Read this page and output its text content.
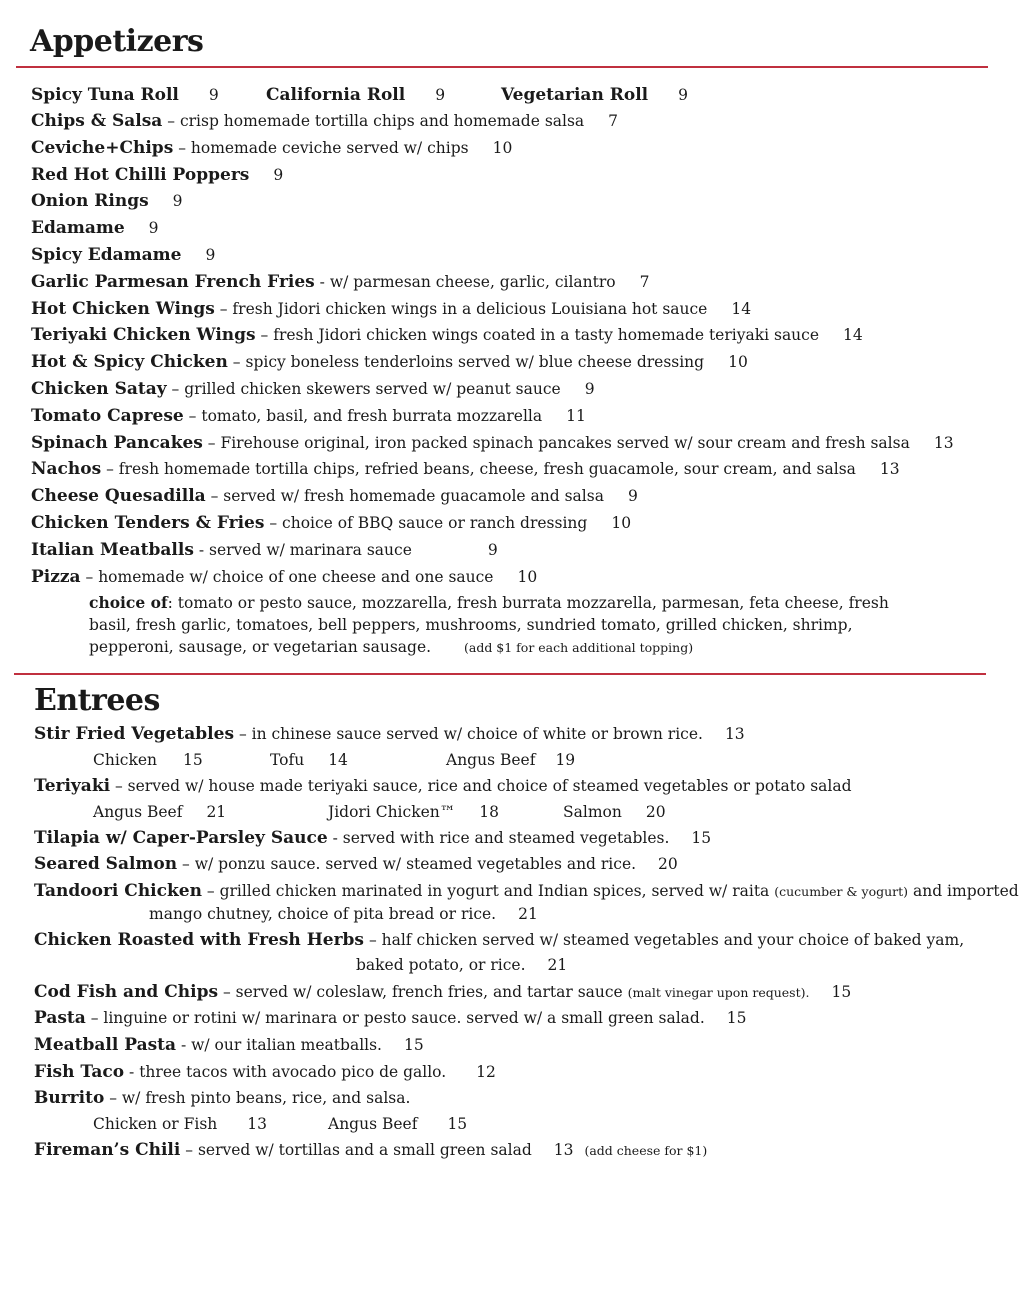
Appetizers
Spicy Tuna Roll 9	California Roll 9	Vegetarian Roll 9
Chips & Salsa – crisp homemade tortilla chips and homemade salsa 7
Ceviche+Chips – homemade ceviche served w/ chips 10
Red Hot Chilli Poppers 9
Onion Rings 9
Edamame 9
Spicy Edamame 9
Garlic Parmesan French Fries - w/ parmesan cheese, garlic, cilantro 7
Hot Chicken Wings – fresh Jidori chicken wings in a delicious Louisiana hot sauce 14
Teriyaki Chicken Wings – fresh Jidori chicken wings coated in a tasty homemade teriyaki sauce 14
Hot & Spicy Chicken – spicy boneless tenderloins served w/ blue cheese dressing 10
Chicken Satay – grilled chicken skewers served w/ peanut sauce 9
Tomato Caprese – tomato, basil, and fresh burrata mozzarella 11
Spinach Pancakes – Firehouse original, iron packed spinach pancakes served w/ sour cream and fresh salsa 13
Nachos – fresh homemade tortilla chips, refried beans, cheese, fresh guacamole, sour cream, and salsa 13
Cheese Quesadilla – served w/ fresh homemade guacamole and salsa 9
Chicken Tenders & Fries – choice of BBQ sauce or ranch dressing 10
Italian Meatballs - served w/ marinara sauce	9
Pizza – homemade w/ choice of one cheese and one sauce 10
choice of: tomato or pesto sauce, mozzarella, fresh burrata mozzarella, parmesan, feta cheese, fresh basil, fresh garlic, tomatoes, bell peppers, mushrooms, sundried tomato, grilled chicken, shrimp, pepperoni, sausage, or vegetarian sausage.	(add $1 for each additional topping)
Entrees
Stir Fried Vegetables – in chinese sauce served w/ choice of white or brown rice. 13
Chicken 15	Tofu 14	Angus Beef 19
Teriyaki – served w/ house made teriyaki sauce, rice and choice of steamed vegetables or potato salad
Angus Beef 21	Jidori Chicken™ 18	Salmon 20
Tilapia w/ Caper-Parsley Sauce - served with rice and steamed vegetables. 15
Seared Salmon – w/ ponzu sauce. served w/ steamed vegetables and rice. 20
Tandoori Chicken – grilled chicken marinated in yogurt and Indian spices, served w/ raita (cucumber & yogurt) and imported
mango chutney, choice of pita bread or rice. 21
Chicken Roasted with Fresh Herbs – half chicken served w/ steamed vegetables and your choice of baked yam,
baked potato, or rice. 21
Cod Fish and Chips – served w/ coleslaw, french fries, and tartar sauce (malt vinegar upon request). 15
Pasta – linguine or rotini w/ marinara or pesto sauce. served w/ a small green salad. 15
Meatball Pasta - w/ our italian meatballs. 15
Fish Taco - three tacos with avocado pico de gallo. 12
Burrito – w/ fresh pinto beans, rice, and salsa.
Chicken or Fish 13	Angus Beef 15
Fireman’s Chili – served w/ tortillas and a small green salad 13 (add cheese for $1)
